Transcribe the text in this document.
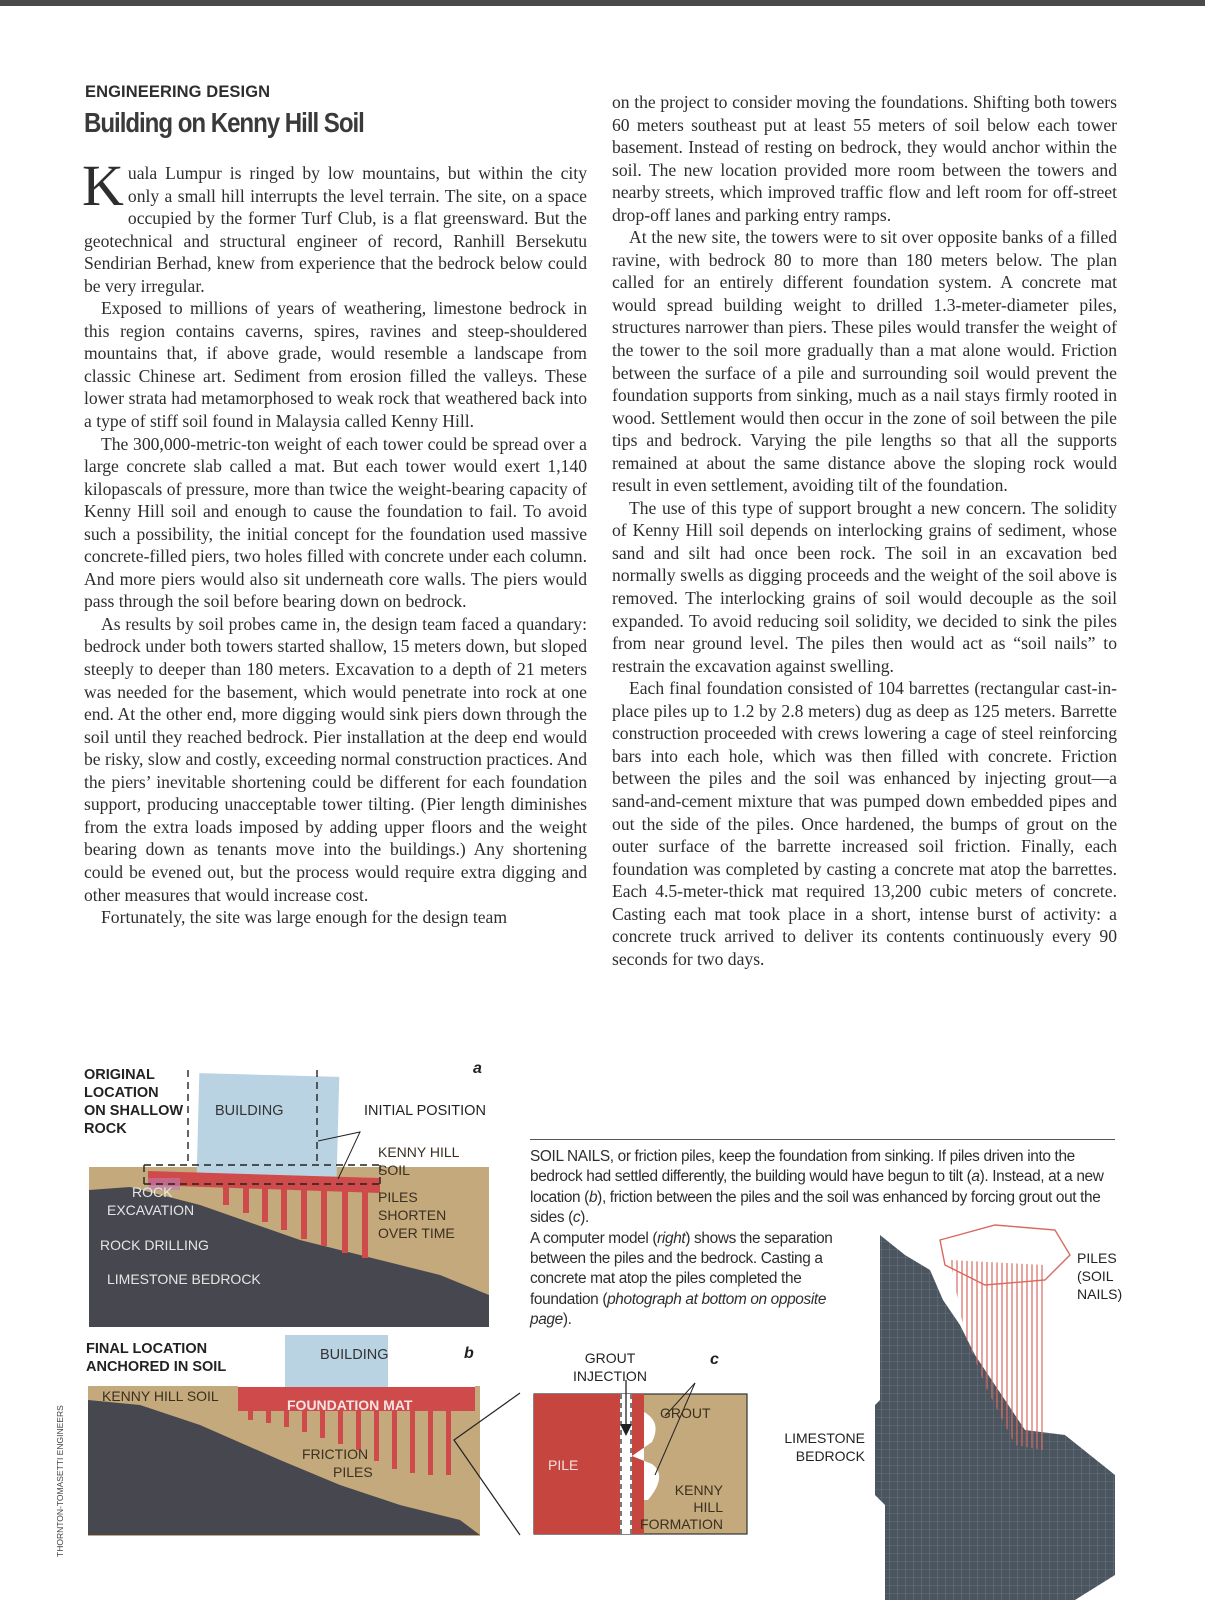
ENGINEERING DESIGN
Building on Kenny Hill Soil

Kuala Lumpur is ringed by low mountains, but within the city only a small hill interrupts the level terrain. The site, on a space occupied by the former Turf Club, is a flat greensward. But the geotechnical and structural engineer of record, Ranhill Bersekutu Sendirian Berhad, knew from experience that the bedrock below could be very irregular.

Exposed to millions of years of weathering, limestone bedrock in this region contains caverns, spires, ravines and steep-shouldered mountains that, if above grade, would resemble a landscape from classic Chinese art. Sediment from erosion filled the valleys. These lower strata had metamorphosed to weak rock that weathered back into a type of stiff soil found in Malaysia called Kenny Hill.

The 300,000-metric-ton weight of each tower could be spread over a large concrete slab called a mat. But each tower would exert 1,140 kilopascals of pressure, more than twice the weight-bearing capacity of Kenny Hill soil and enough to cause the foundation to fail. To avoid such a possibility, the initial concept for the foundation used massive concrete-filled piers, two holes filled with concrete under each column. And more piers would also sit underneath core walls. The piers would pass through the soil before bearing down on bedrock.

As results by soil probes came in, the design team faced a quandary: bedrock under both towers started shallow, 15 meters down, but sloped steeply to deeper than 180 meters. Excavation to a depth of 21 meters was needed for the basement, which would penetrate into rock at one end. At the other end, more digging would sink piers down through the soil until they reached bedrock. Pier installation at the deep end would be risky, slow and costly, exceeding normal construction practices. And the piers’ inevitable shortening could be different for each foundation support, producing unacceptable tower tilting. (Pier length diminishes from the extra loads imposed by adding upper floors and the weight bearing down as tenants move into the buildings.) Any shortening could be evened out, but the process would require extra digging and other measures that would increase cost.

Fortunately, the site was large enough for the design team

on the project to consider moving the foundations. Shifting both towers 60 meters southeast put at least 55 meters of soil below each tower basement. Instead of resting on bedrock, they would anchor within the soil. The new location provided more room between the towers and nearby streets, which improved traffic flow and left room for off-street drop-off lanes and parking entry ramps.

At the new site, the towers were to sit over opposite banks of a filled ravine, with bedrock 80 to more than 180 meters below. The plan called for an entirely different foundation system. A concrete mat would spread building weight to drilled 1.3-meter-diameter piles, structures narrower than piers. These piles would transfer the weight of the tower to the soil more gradually than a mat alone would. Friction between the surface of a pile and surrounding soil would prevent the foundation supports from sinking, much as a nail stays firmly rooted in wood. Settlement would then occur in the zone of soil between the pile tips and bedrock. Varying the pile lengths so that all the supports remained at about the same distance above the sloping rock would result in even settlement, avoiding tilt of the foundation.

The use of this type of support brought a new concern. The solidity of Kenny Hill soil depends on interlocking grains of sediment, whose sand and silt had once been rock. The soil in an excavation bed normally swells as digging proceeds and the weight of the soil above is removed. The interlocking grains of soil would decouple as the soil expanded. To avoid reducing soil solidity, we decided to sink the piles from near ground level. The piles then would act as “soil nails” to restrain the excavation against swelling.

Each final foundation consisted of 104 barrettes (rectangular cast-in-place piles up to 1.2 by 2.8 meters) dug as deep as 125 meters. Barrette construction proceeded with crews lowering a cage of steel reinforcing bars into each hole, which was then filled with concrete. Friction between the piles and the soil was enhanced by injecting grout—a sand-and-cement mixture that was pumped down embedded pipes and out the side of the piles. Once hardened, the bumps of grout on the outer surface of the barrette increased soil friction. Finally, each foundation was completed by casting a concrete mat atop the barrettes. Each 4.5-meter-thick mat required 13,200 cubic meters of concrete. Casting each mat took place in a short, intense burst of activity: a concrete truck arrived to deliver its contents continuously every 90 seconds for two days.

SOIL NAILS, or friction piles, keep the foundation from sinking. If piles driven into the bedrock had settled differently, the building would have begun to tilt (a). Instead, at a new location (b), friction between the piles and the soil was enhanced by forcing grout out the sides (c).
A computer model (right) shows the separation between the piles and the bedrock. Casting a concrete mat atop the piles completed the foundation (photograph at bottom on opposite page).
a
ORIGINAL
LOCATION
ON SHALLOW
ROCK
BUILDING	INITIAL POSITION
KENNY HILL
SOIL
PILES
SHORTEN
OVER TIME
ROCK
EXCAVATION
ROCK DRILLING
LIMESTONE BEDROCK
b
FINAL LOCATION
ANCHORED IN SOIL
BUILDING
KENNY HILL SOIL
FOUNDATION MAT
FRICTION
PILES
c
GROUT
INJECTION
PILE
GROUT
KENNY
HILL
FORMATION
PILES
(SOIL
NAILS)
LIMESTONE
BEDROCK
THORNTON-TOMASETTI ENGINEERS
